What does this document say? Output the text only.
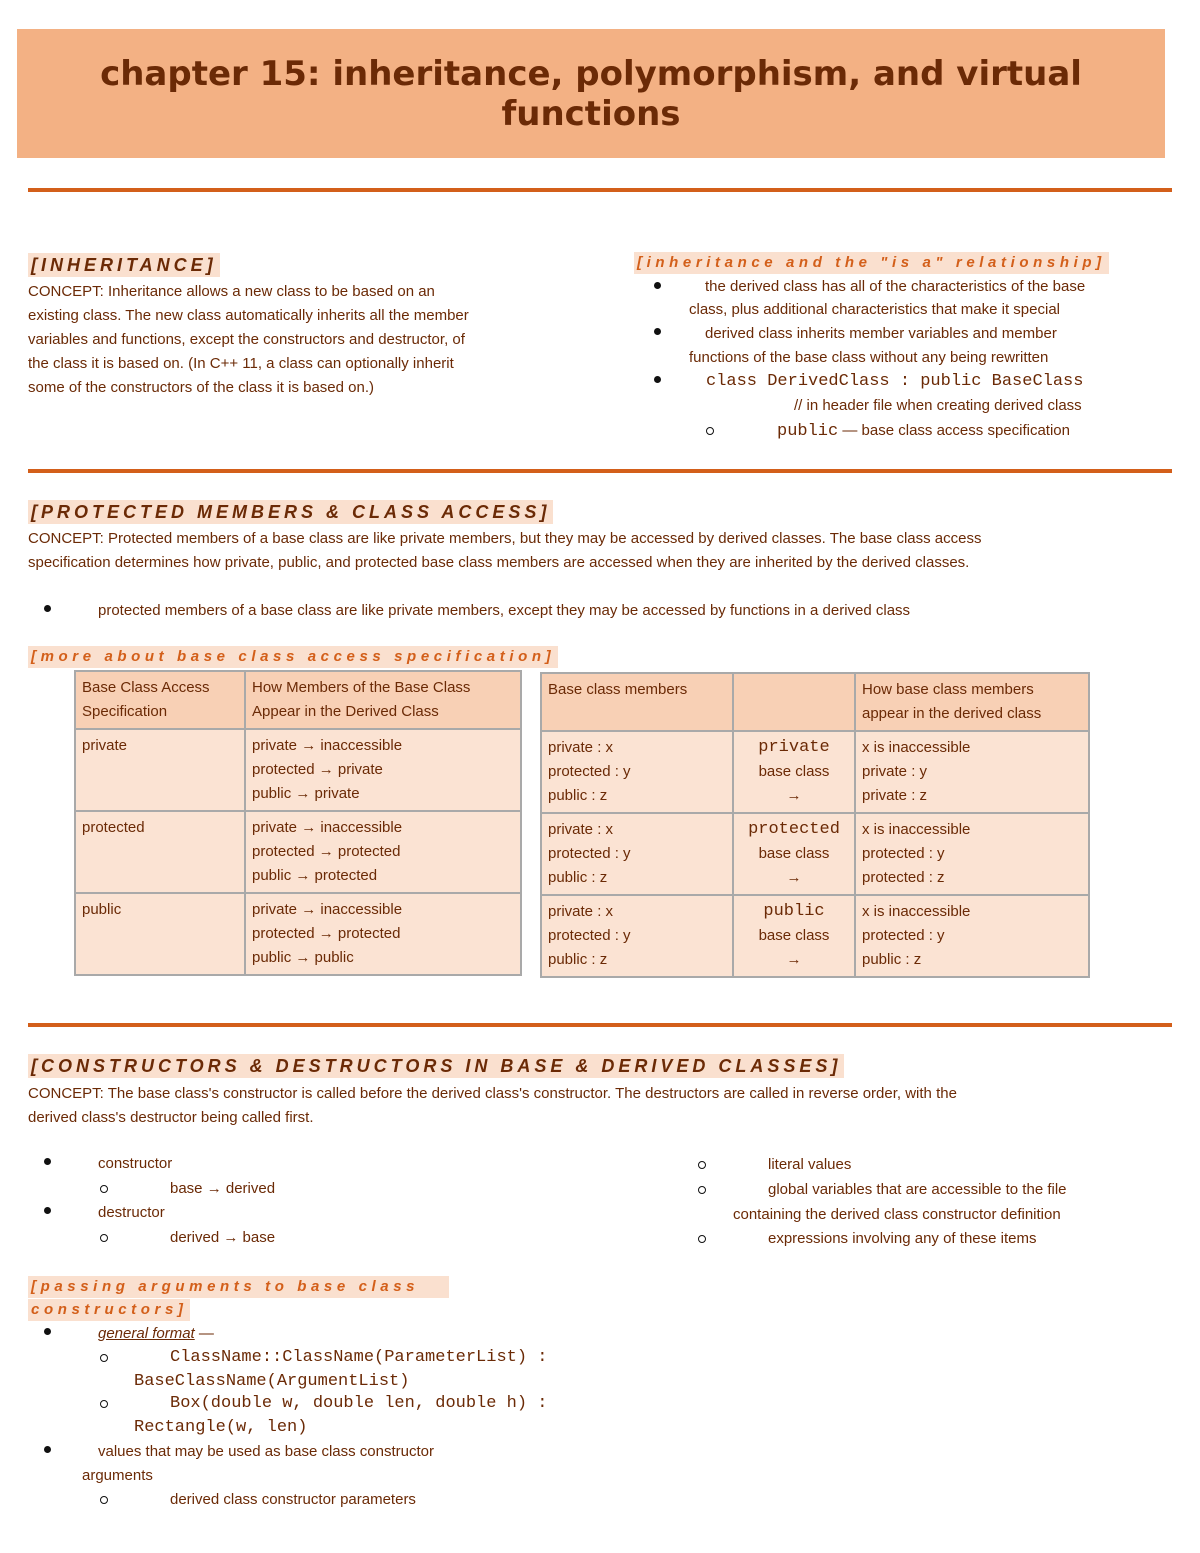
chapter 15: inheritance, polymorphism, and virtual functions
[INHERITANCE]
CONCEPT: Inheritance allows a new class to be based on an
existing class. The new class automatically inherits all the member
variables and functions, except the constructors and destructor, of
the class it is based on. (In C++ 11, a class can optionally inherit
some of the constructors of the class it is based on.)
[inheritance and the "is a" relationship]
the derived class has all of the characteristics of the base
class, plus additional characteristics that make it special
derived class inherits member variables and member
functions of the base class without any being rewritten
class DerivedClass : public BaseClass
// in header file when creating derived class
public — base class access specification
[PROTECTED MEMBERS & CLASS ACCESS]
CONCEPT: Protected members of a base class are like private members, but they may be accessed by derived classes. The base class access
specification determines how private, public, and protected base class members are accessed when they are inherited by the derived classes.
protected members of a base class are like private members, except they may be accessed by functions in a derived class
[more about base class access specification]
Base Class Access Specification	How Members of the Base Class Appear in the Derived Class
private	private → inaccessible
protected → private
public → private

protected	private → inaccessible
protected → protected
public → protected

public	private → inaccessible
protected → protected
public → public
Base class members		How base class members appear in the derived class

private : x
protected : y
public : z	private
base class
→	x is inaccessible
private : y
private : z

private : x
protected : y
public : z	protected
base class
→	x is inaccessible
protected : y
protected : z

private : x
protected : y
public : z	public
base class
→	x is inaccessible
protected : y
public : z
[CONSTRUCTORS & DESTRUCTORS IN BASE & DERIVED CLASSES]
CONCEPT: The base class's constructor is called before the derived class's constructor. The destructors are called in reverse order, with the
derived class's destructor being called first.
constructor
base → derived
destructor
derived → base
literal values
global variables that are accessible to the file
containing the derived class constructor definition
expressions involving any of these items
[passing arguments to base class
constructors]
general format —
ClassName::ClassName(ParameterList) :
BaseClassName(ArgumentList)
Box(double w, double len, double h) :
Rectangle(w, len)
values that may be used as base class constructor
arguments
derived class constructor parameters
